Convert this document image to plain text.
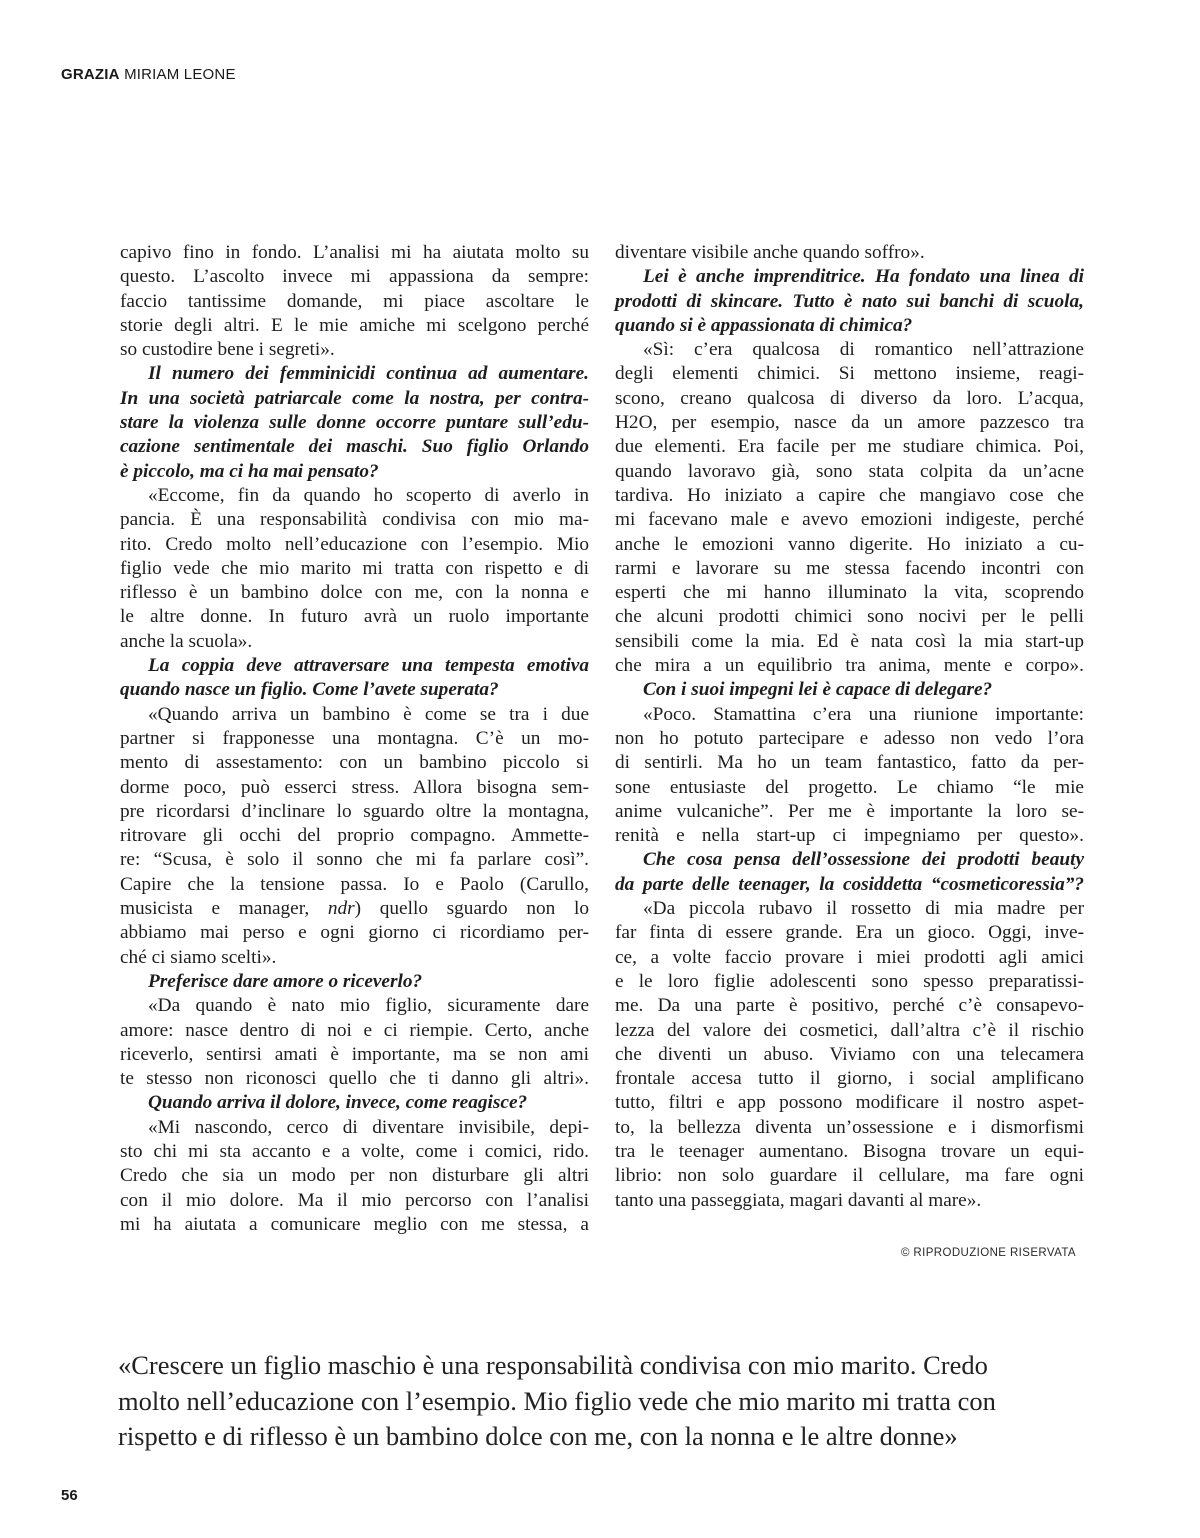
GRAZIA MIRIAM LEONE
capivo fino in fondo. L’analisi mi ha aiutata molto su
questo. L’ascolto invece mi appassiona da sempre:
faccio tantissime domande, mi piace ascoltare le
storie degli altri. E le mie amiche mi scelgono perché
so custodire bene i segreti».
Il numero dei femminicidi continua ad aumentare.
In una società patriarcale come la nostra, per contra-
stare la violenza sulle donne occorre puntare sull’edu-
cazione sentimentale dei maschi. Suo figlio Orlando
è piccolo, ma ci ha mai pensato?
«Eccome, fin da quando ho scoperto di averlo in
pancia. È una responsabilità condivisa con mio ma-
rito. Credo molto nell’educazione con l’esempio. Mio
figlio vede che mio marito mi tratta con rispetto e di
riflesso è un bambino dolce con me, con la nonna e
le altre donne. In futuro avrà un ruolo importante
anche la scuola».
La coppia deve attraversare una tempesta emotiva
quando nasce un figlio. Come l’avete superata?
«Quando arriva un bambino è come se tra i due
partner si frapponesse una montagna. C’è un mo-
mento di assestamento: con un bambino piccolo si
dorme poco, può esserci stress. Allora bisogna sem-
pre ricordarsi d’inclinare lo sguardo oltre la montagna,
ritrovare gli occhi del proprio compagno. Ammette-
re: “Scusa, è solo il sonno che mi fa parlare così”.
Capire che la tensione passa. Io e Paolo (Carullo,
musicista e manager, ndr) quello sguardo non lo
abbiamo mai perso e ogni giorno ci ricordiamo per-
ché ci siamo scelti».
Preferisce dare amore o riceverlo?
«Da quando è nato mio figlio, sicuramente dare
amore: nasce dentro di noi e ci riempie. Certo, anche
riceverlo, sentirsi amati è importante, ma se non ami
te stesso non riconosci quello che ti danno gli altri».
Quando arriva il dolore, invece, come reagisce?
«Mi nascondo, cerco di diventare invisibile, depi-
sto chi mi sta accanto e a volte, come i comici, rido.
Credo che sia un modo per non disturbare gli altri
con il mio dolore. Ma il mio percorso con l’analisi
mi ha aiutata a comunicare meglio con me stessa, a
diventare visibile anche quando soffro».
Lei è anche imprenditrice. Ha fondato una linea di
prodotti di skincare. Tutto è nato sui banchi di scuola,
quando si è appassionata di chimica?
«Sì: c’era qualcosa di romantico nell’attrazione
degli elementi chimici. Si mettono insieme, reagi-
scono, creano qualcosa di diverso da loro. L’acqua,
H2O, per esempio, nasce da un amore pazzesco tra
due elementi. Era facile per me studiare chimica. Poi,
quando lavoravo già, sono stata colpita da un’acne
tardiva. Ho iniziato a capire che mangiavo cose che
mi facevano male e avevo emozioni indigeste, perché
anche le emozioni vanno digerite. Ho iniziato a cu-
rarmi e lavorare su me stessa facendo incontri con
esperti che mi hanno illuminato la vita, scoprendo
che alcuni prodotti chimici sono nocivi per le pelli
sensibili come la mia. Ed è nata così la mia start-up
che mira a un equilibrio tra anima, mente e corpo».
Con i suoi impegni lei è capace di delegare?
«Poco. Stamattina c’era una riunione importante:
non ho potuto partecipare e adesso non vedo l’ora
di sentirli. Ma ho un team fantastico, fatto da per-
sone entusiaste del progetto. Le chiamo “le mie
anime vulcaniche”. Per me è importante la loro se-
renità e nella start-up ci impegniamo per questo».
Che cosa pensa dell’ossessione dei prodotti beauty
da parte delle teenager, la cosiddetta “cosmeticoressia”?
«Da piccola rubavo il rossetto di mia madre per
far finta di essere grande. Era un gioco. Oggi, inve-
ce, a volte faccio provare i miei prodotti agli amici
e le loro figlie adolescenti sono spesso preparatissi-
me. Da una parte è positivo, perché c’è consapevo-
lezza del valore dei cosmetici, dall’altra c’è il rischio
che diventi un abuso. Viviamo con una telecamera
frontale accesa tutto il giorno, i social amplificano
tutto, filtri e app possono modificare il nostro aspet-
to, la bellezza diventa un’ossessione e i dismorfismi
tra le teenager aumentano. Bisogna trovare un equi-
librio: non solo guardare il cellulare, ma fare ogni
tanto una passeggiata, magari davanti al mare».
© RIPRODUZIONE RISERVATA
«Crescere un figlio maschio è una responsabilità condivisa con mio marito. Credo
molto nell’educazione con l’esempio. Mio figlio vede che mio marito mi tratta con
rispetto e di riflesso è un bambino dolce con me, con la nonna e le altre donne»
56
